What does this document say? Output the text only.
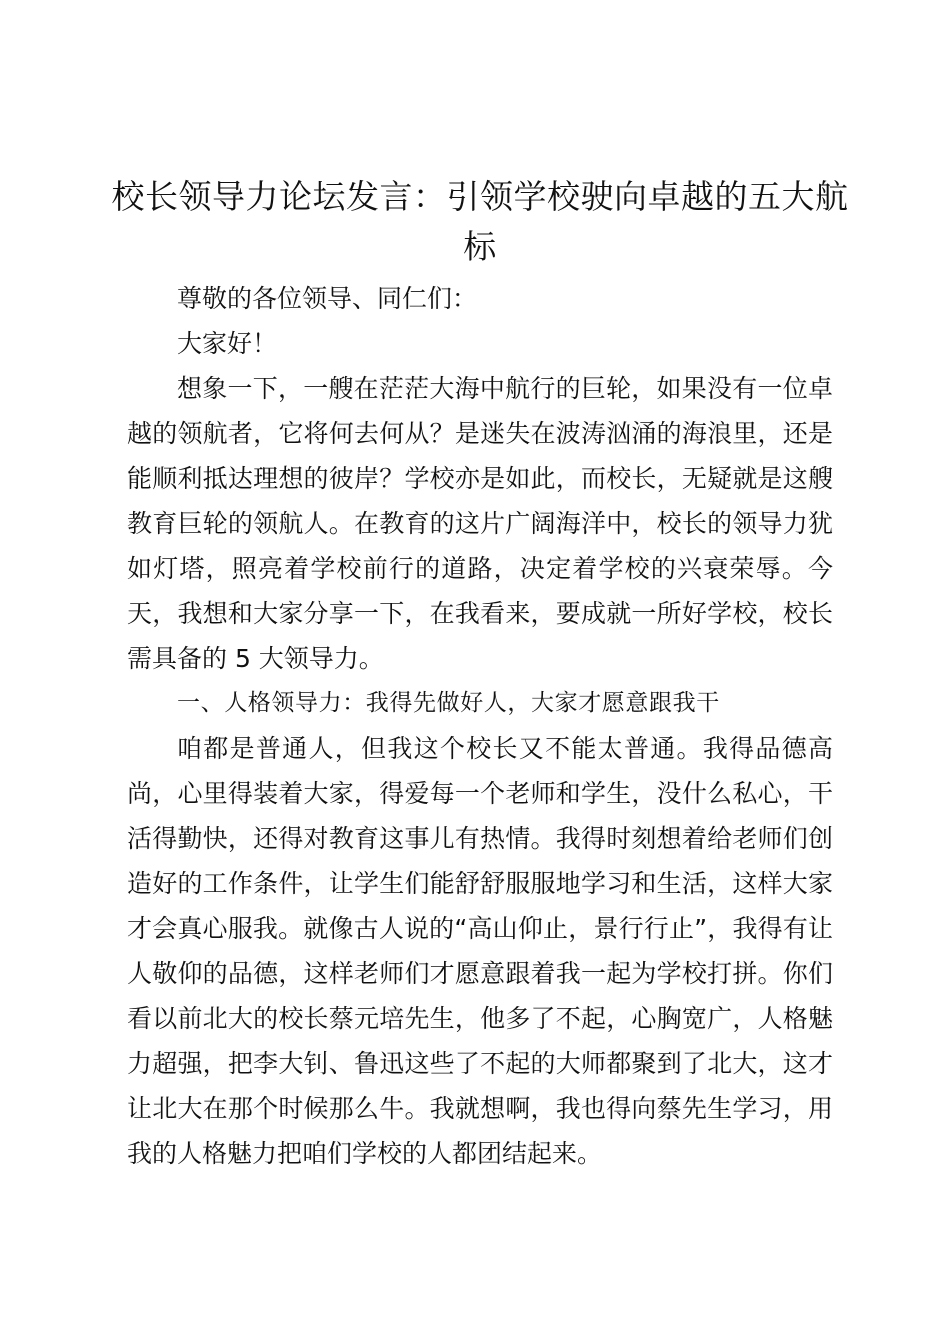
校长领导力论坛发言：引领学校驶向卓越的五大航标

尊敬的各位领导、同仁们：

大家好！

想象一下，一艘在茫茫大海中航行的巨轮，如果没有一位卓越的领航者，它将何去何从？是迷失在波涛汹涌的海浪里，还是能顺利抵达理想的彼岸？学校亦是如此，而校长，无疑就是这艘教育巨轮的领航人。在教育的这片广阔海洋中，校长的领导力犹如灯塔，照亮着学校前行的道路，决定着学校的兴衰荣辱。今天，我想和大家分享一下，在我看来，要成就一所好学校，校长需具备的 5 大领导力。

一、人格领导力：我得先做好人，大家才愿意跟我干

咱都是普通人，但我这个校长又不能太普通。我得品德高尚，心里得装着大家，得爱每一个老师和学生，没什么私心，干活得勤快，还得对教育这事儿有热情。我得时刻想着给老师们创造好的工作条件，让学生们能舒舒服服地学习和生活，这样大家才会真心服我。就像古人说的“高山仰止，景行行止”，我得有让人敬仰的品德，这样老师们才愿意跟着我一起为学校打拼。你们看以前北大的校长蔡元培先生，他多了不起，心胸宽广，人格魅力超强，把李大钊、鲁迅这些了不起的大师都聚到了北大，这才让北大在那个时候那么牛。我就想啊，我也得向蔡先生学习，用我的人格魅力把咱们学校的人都团结起来。
